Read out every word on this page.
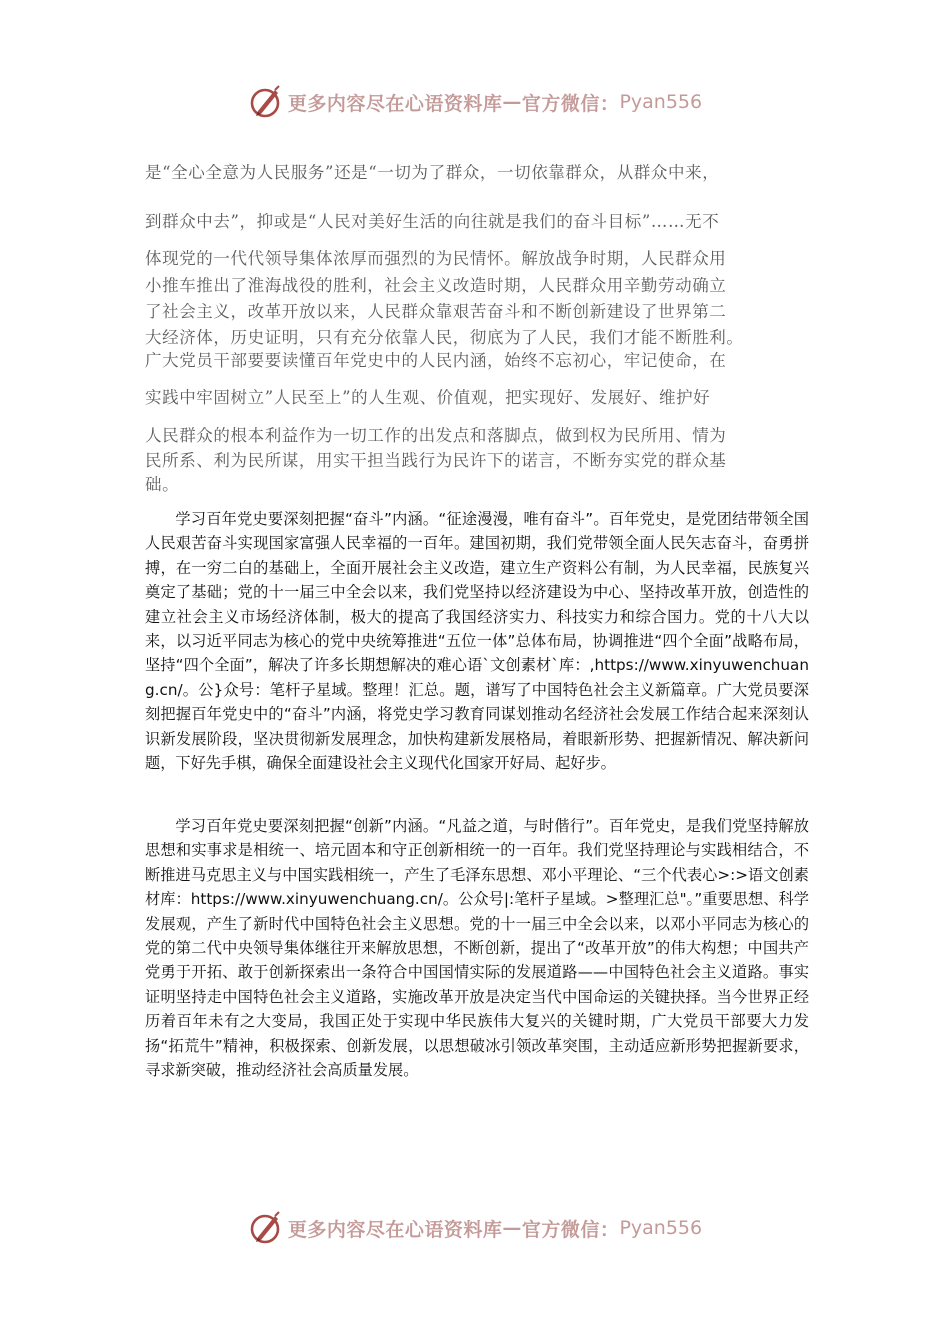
更多内容尽在心语资料库 — 官方微信： Pyan556
是“全心全意为人民服务”还是“一切为了群众，一切依靠群众，从群众中来，
到群众中去”，抑或是“人民对美好生活的向往就是我们的奋斗目标”……无不
体现党的一代代领导集体浓厚而强烈的为民情怀。解放战争时期，人民群众用
小推车推出了淮海战役的胜利，社会主义改造时期，人民群众用辛勤劳动确立
了社会主义，改革开放以来，人民群众靠艰苦奋斗和不断创新建设了世界第二
大经济体，历史证明，只有充分依靠人民，彻底为了人民，我们才能不断胜利。
广大党员干部要要读懂百年党史中的人民内涵，始终不忘初心，牢记使命，在
实践中牢固树立”人民至上”的人生观、价值观，把实现好、发展好、维护好
人民群众的根本利益作为一切工作的出发点和落脚点，做到权为民所用、情为
民所系、利为民所谋，用实干担当践行为民许下的诺言，不断夯实党的群众基
础。

学习百年党史要深刻把握“奋斗”内涵。“征途漫漫，唯有奋斗”。百年党史，是党团结带领全国人民艰苦奋斗实现国家富强人民幸福的一百年。建国初期，我们党带领全面人民矢志奋斗，奋勇拼搏，在一穷二白的基础上，全面开展社会主义改造，建立生产资料公有制，为人民幸福，民族复兴奠定了基础；党的十一届三中全会以来，我们党坚持以经济建设为中心、坚持改革开放，创造性的建立社会主义市场经济体制，极大的提高了我国经济实力、科技实力和综合国力。党的十八大以来，以习近平同志为核心的党中央统筹推进“五位一体”总体布局，协调推进“四个全面”战略布局，坚持“四个全面”，解决了许多长期想解决的难心语`文创素材`库：,https://www.xinyuwenchuang.cn/。公}众号：笔杆子星域。整理！汇总。题，谱写了中国特色社会主义新篇章。广大党员要深刻把握百年党史中的“奋斗”内涵，将党史学习教育同谋划推动名经济社会发展工作结合起来深刻认识新发展阶段，坚决贯彻新发展理念，加快构建新发展格局，着眼新形势、把握新情况、解决新问题，下好先手棋，确保全面建设社会主义现代化国家开好局、起好步。

学习百年党史要深刻把握“创新”内涵。“凡益之道，与时偕行”。百年党史，是我们党坚持解放思想和实事求是相统一、培元固本和守正创新相统一的一百年。我们党坚持理论与实践相结合，不断推进马克思主义与中国实践相统一，产生了毛泽东思想、邓小平理论、“三个代表心>:>语文创素材库：https://www.xinyuwenchuang.cn/。公众号|:笔杆子星域。>整理汇总"。”重要思想、科学发展观，产生了新时代中国特色社会主义思想。党的十一届三中全会以来，以邓小平同志为核心的党的第二代中央领导集体继往开来解放思想，不断创新，提出了“改革开放”的伟大构想；中国共产党勇于开拓、敢于创新探索出一条符合中国国情实际的发展道路——中国特色社会主义道路。事实证明坚持走中国特色社会主义道路，实施改革开放是决定当代中国命运的关键抉择。当今世界正经历着百年未有之大变局，我国正处于实现中华民族伟大复兴的关键时期，广大党员干部要大力发扬“拓荒牛”精神，积极探索、创新发展，以思想破冰引领改革突围，主动适应新形势把握新要求，寻求新突破，推动经济社会高质量发展。

更多内容尽在心语资料库 — 官方微信： Pyan556
